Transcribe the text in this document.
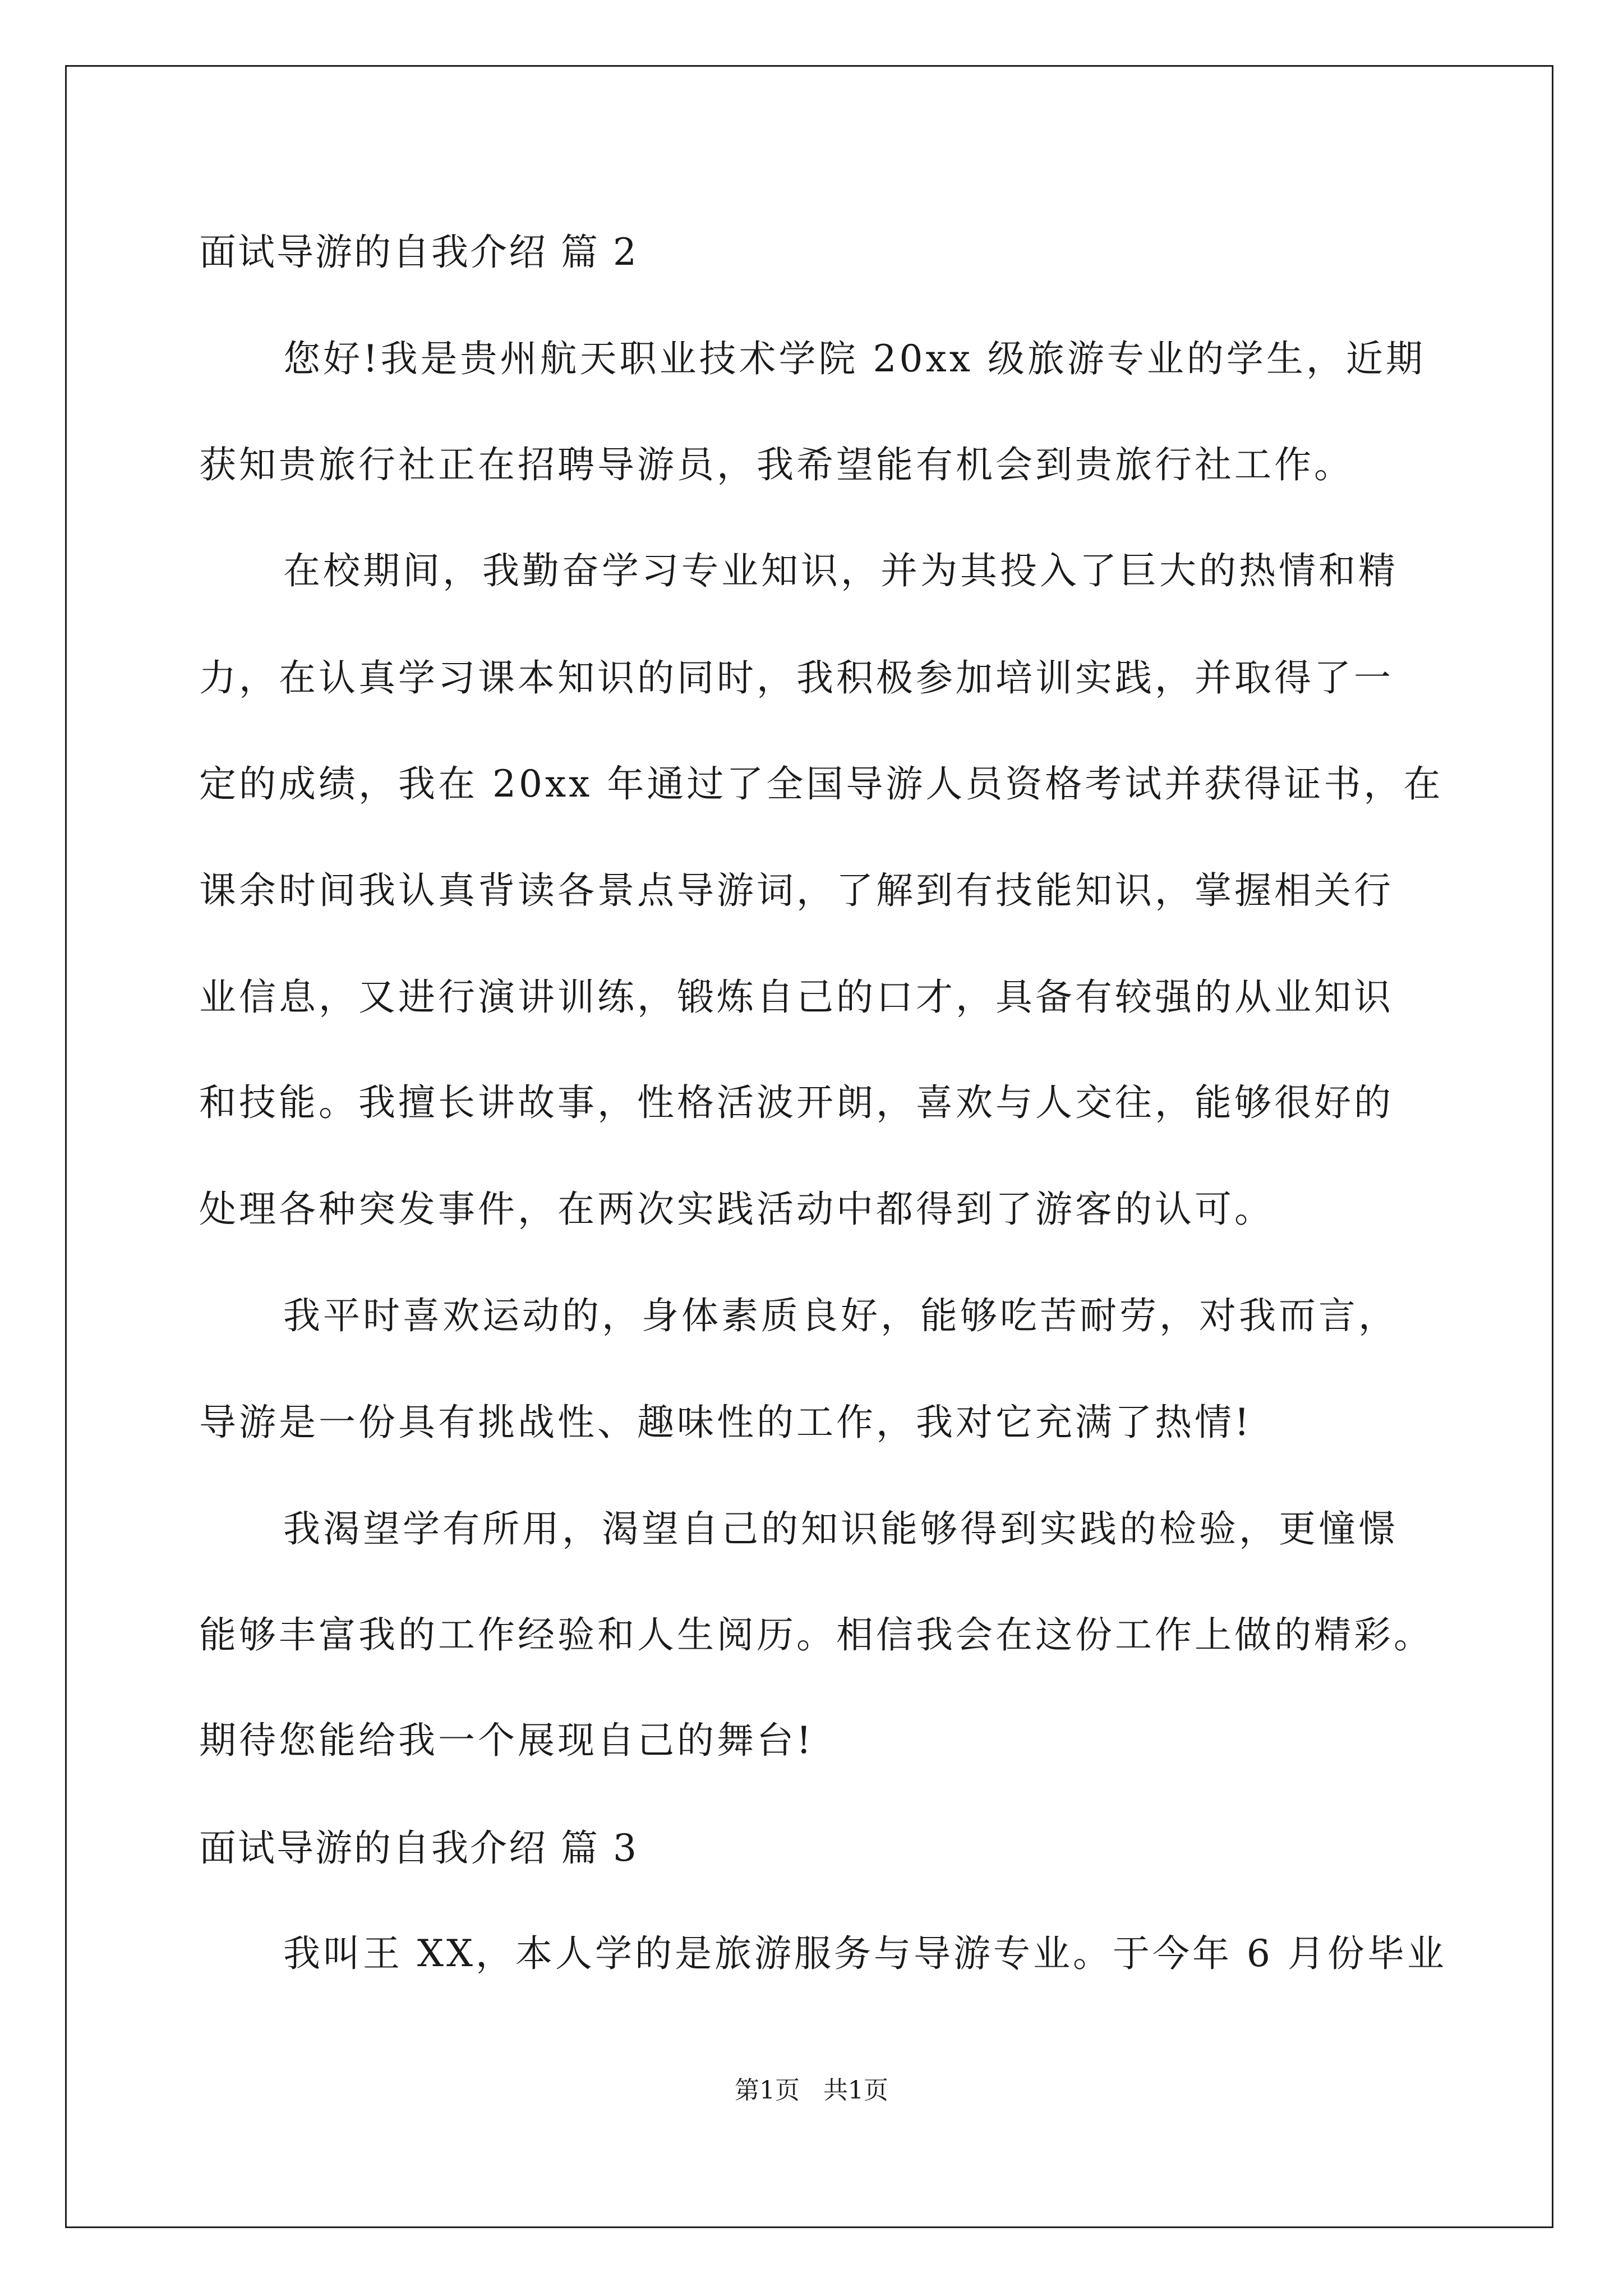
面试导游的自我介绍 篇 2
您好!我是贵州航天职业技术学院 20xx 级旅游专业的学生，近期
获知贵旅行社正在招聘导游员，我希望能有机会到贵旅行社工作。
在校期间，我勤奋学习专业知识，并为其投入了巨大的热情和精
力，在认真学习课本知识的同时，我积极参加培训实践，并取得了一
定的成绩，我在 20xx 年通过了全国导游人员资格考试并获得证书，在
课余时间我认真背读各景点导游词，了解到有技能知识，掌握相关行
业信息，又进行演讲训练，锻炼自己的口才，具备有较强的从业知识
和技能。我擅长讲故事，性格活波开朗，喜欢与人交往，能够很好的
处理各种突发事件，在两次实践活动中都得到了游客的认可。
我平时喜欢运动的，身体素质良好，能够吃苦耐劳，对我而言，
导游是一份具有挑战性、趣味性的工作，我对它充满了热情!
我渴望学有所用，渴望自己的知识能够得到实践的检验，更憧憬
能够丰富我的工作经验和人生阅历。相信我会在这份工作上做的精彩。
期待您能给我一个展现自己的舞台!
面试导游的自我介绍 篇 3
我叫王 XX，本人学的是旅游服务与导游专业。于今年 6 月份毕业
第1页   共1页
